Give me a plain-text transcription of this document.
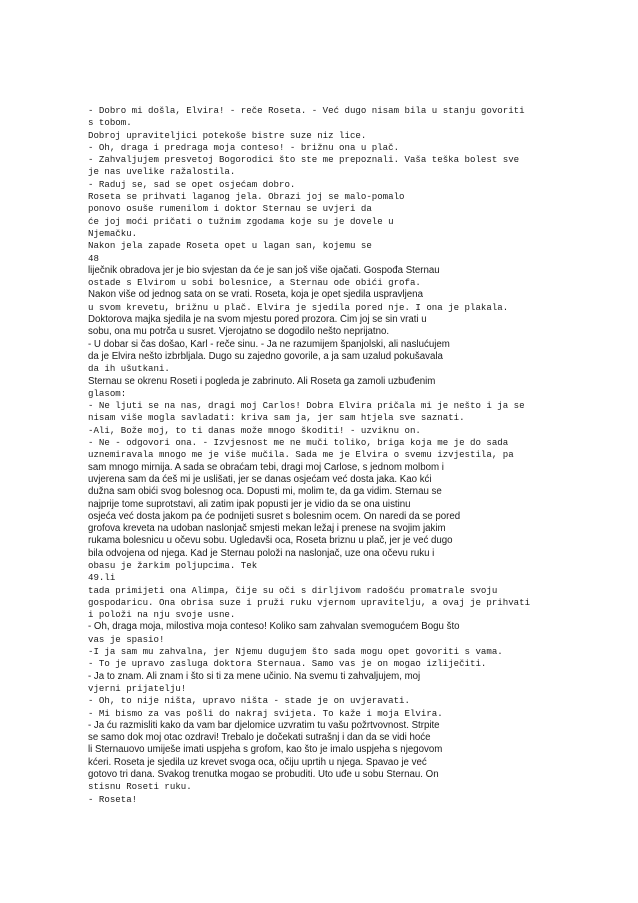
- Dobro mi došla, Elvira! - reče Roseta. - Već dugo nisam bila u stanju govoriti
s tobom.
Dobroj upraviteljici potekoše bistre suze niz lice.
- Oh, draga i predraga moja conteso! - brižnu ona u plač.
- Zahvaljujem presvetoj Bogorodici što ste me prepoznali. Vaša teška bolest sve
je nas uvelike ražalostila.
- Raduj se, sad se opet osjećam dobro.
Roseta se prihvati laganog jela. Obrazi joj se malo-pomalo
ponovo osuše rumenilom i doktor Sternau se uvjeri da
će joj moći pričati o tužnim zgodama koje su je dovele u
Njemačku.
Nakon jela zapade Roseta opet u lagan san, kojemu se
48
liječnik obradova jer je bio svjestan da će je san još više ojačati. Gospođa Sternau
ostade s Elvirom u sobi bolesnice, a Sternau ode obići grofa.
Nakon više od jednog sata on se vrati. Roseta, koja je opet sjedila uspravljena
u svom krevetu, brižnu u plač. Elvira je sjedila pored nje. I ona je plakala.
Doktorova majka sjedila je na svom mjestu pored prozora. Čim joj se sin vrati u
sobu, ona mu potrča u susret. Vjerojatno se dogodilo nešto neprijatno.
- U dobar si čas došao, Karl - reče sinu. - Ja ne razumijem španjolski, ali naslućujem
da je Elvira nešto izbrbljala. Dugo su zajedno govorile, a ja sam uzalud pokušavala
da ih ušutkani.
Sternau se okrenu Roseti i pogleda je zabrinuto. Ali Roseta ga zamoli uzbuđenim
glasom:
- Ne ljuti se na nas, dragi moj Carlos! Dobra Elvira pričala mi je nešto i ja se
nisam više mogla savladati: kriva sam ja, jer sam htjela sve saznati.
-Ali, Bože moj, to ti danas može mnogo škoditi! - uzviknu on.
- Ne - odgovori ona. - Izvjesnost me ne muči toliko, briga koja me je do sada
uznemiravala mnogo me je više mučila. Sada me je Elvira o svemu izvjestila, pa
sam mnogo mirnija. A sada se obraćam tebi, dragi moj Carlose, s jednom molbom i
uvjerena sam da ćeš mi je uslišati, jer se danas osjećam već dosta jaka. Kao kći
dužna sam obići svog bolesnog oca. Dopusti mi, molim te, da ga vidim. Sternau se
najprije tome suprotstavi, ali zatim ipak popusti jer je vidio da se ona uistinu
osjeća već dosta jakom pa će podnijeti susret s bolesnim ocem. On naredi da se pored
grofova kreveta na udoban naslonjač smjesti mekan ležaj i prenese na svojim jakim
rukama bolesnicu u očevu sobu. Ugledavši oca, Roseta briznu u plač, jer je već dugo
bila odvojena od njega. Kad je Sternau položi na naslonjač, uze ona očevu ruku i
obasu je žarkim poljupcima. Tek
49.li
tada primijeti ona Alimpa, čije su oči s dirljivom radošću promatrale svoju
gospodaricu. Ona obrisa suze i pruži ruku vjernom upravitelju, a ovaj je prihvati
i položi na nju svoje usne.
- Oh, draga moja, milostiva moja conteso! Koliko sam zahvalan svemogućem Bogu što
vas je spasio!
-I ja sam mu zahvalna, jer Njemu dugujem što sada mogu opet govoriti s vama.
- To je upravo zasluga doktora Sternaua. Samo vas je on mogao izliječiti.
- Ja to znam. Ali znam i što si ti za mene učinio. Na svemu ti zahvaljujem, moj
vjerni prijatelju!
- Oh, to nije ništa, upravo ništa - stade je on uvjeravati.
- Mi bismo za vas pošli do nakraj svijeta. To kaže i moja Elvira.
- Ja ću razmisliti kako da vam bar djelomice uzvratim tu vašu požrtvovnost. Strpite
se samo dok moj otac ozdravi! Trebalo je dočekati sutrašnj i dan da se vidi hoće
li Sternauovo umiješe imati uspjeha s grofom, kao što je imalo uspjeha s njegovom
kćeri. Roseta je sjedila uz krevet svoga oca, očiju uprtih u njega. Spavao je već
gotovo tri dana. Svakog trenutka mogao se probuditi. Uto uđe u sobu Sternau. On
stisnu Roseti ruku.
- Roseta!
